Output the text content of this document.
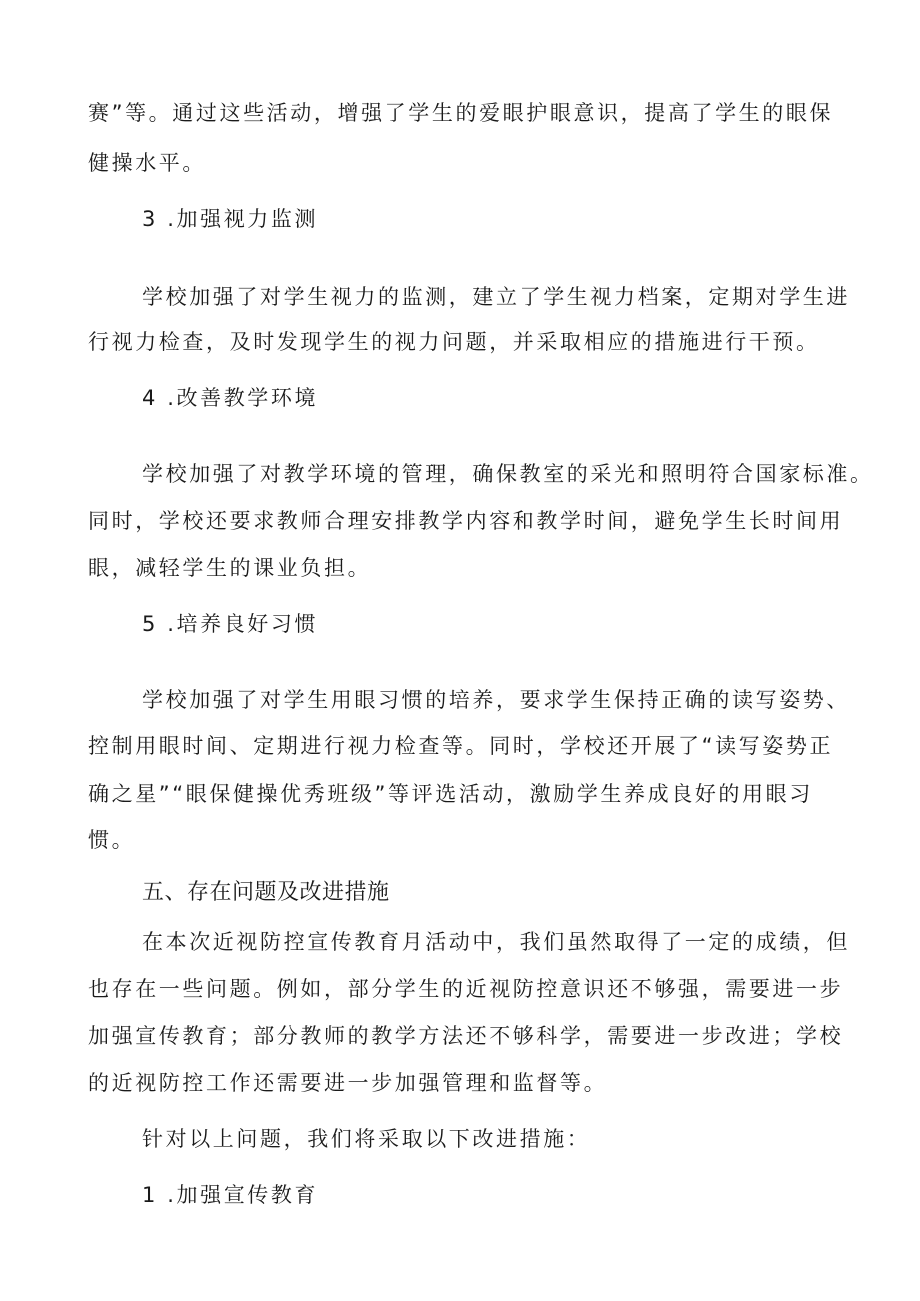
赛”等。通过这些活动，增强了学生的爱眼护眼意识，提高了学生的眼保

健操水平。

3 .加强视力监测

学校加强了对学生视力的监测，建立了学生视力档案，定期对学生进

行视力检查，及时发现学生的视力问题，并采取相应的措施进行干预。

4 .改善教学环境

学校加强了对教学环境的管理，确保教室的采光和照明符合国家标准。

同时，学校还要求教师合理安排教学内容和教学时间，避免学生长时间用

眼，减轻学生的课业负担。

5 .培养良好习惯

学校加强了对学生用眼习惯的培养，要求学生保持正确的读写姿势、

控制用眼时间、定期进行视力检查等。同时，学校还开展了“读写姿势正

确之星”“眼保健操优秀班级”等评选活动，激励学生养成良好的用眼习

惯。

五、存在问题及改进措施

在本次近视防控宣传教育月活动中，我们虽然取得了一定的成绩，但

也存在一些问题。例如，部分学生的近视防控意识还不够强，需要进一步

加强宣传教育；部分教师的教学方法还不够科学，需要进一步改进；学校

的近视防控工作还需要进一步加强管理和监督等。

针对以上问题，我们将采取以下改进措施：

1 .加强宣传教育
